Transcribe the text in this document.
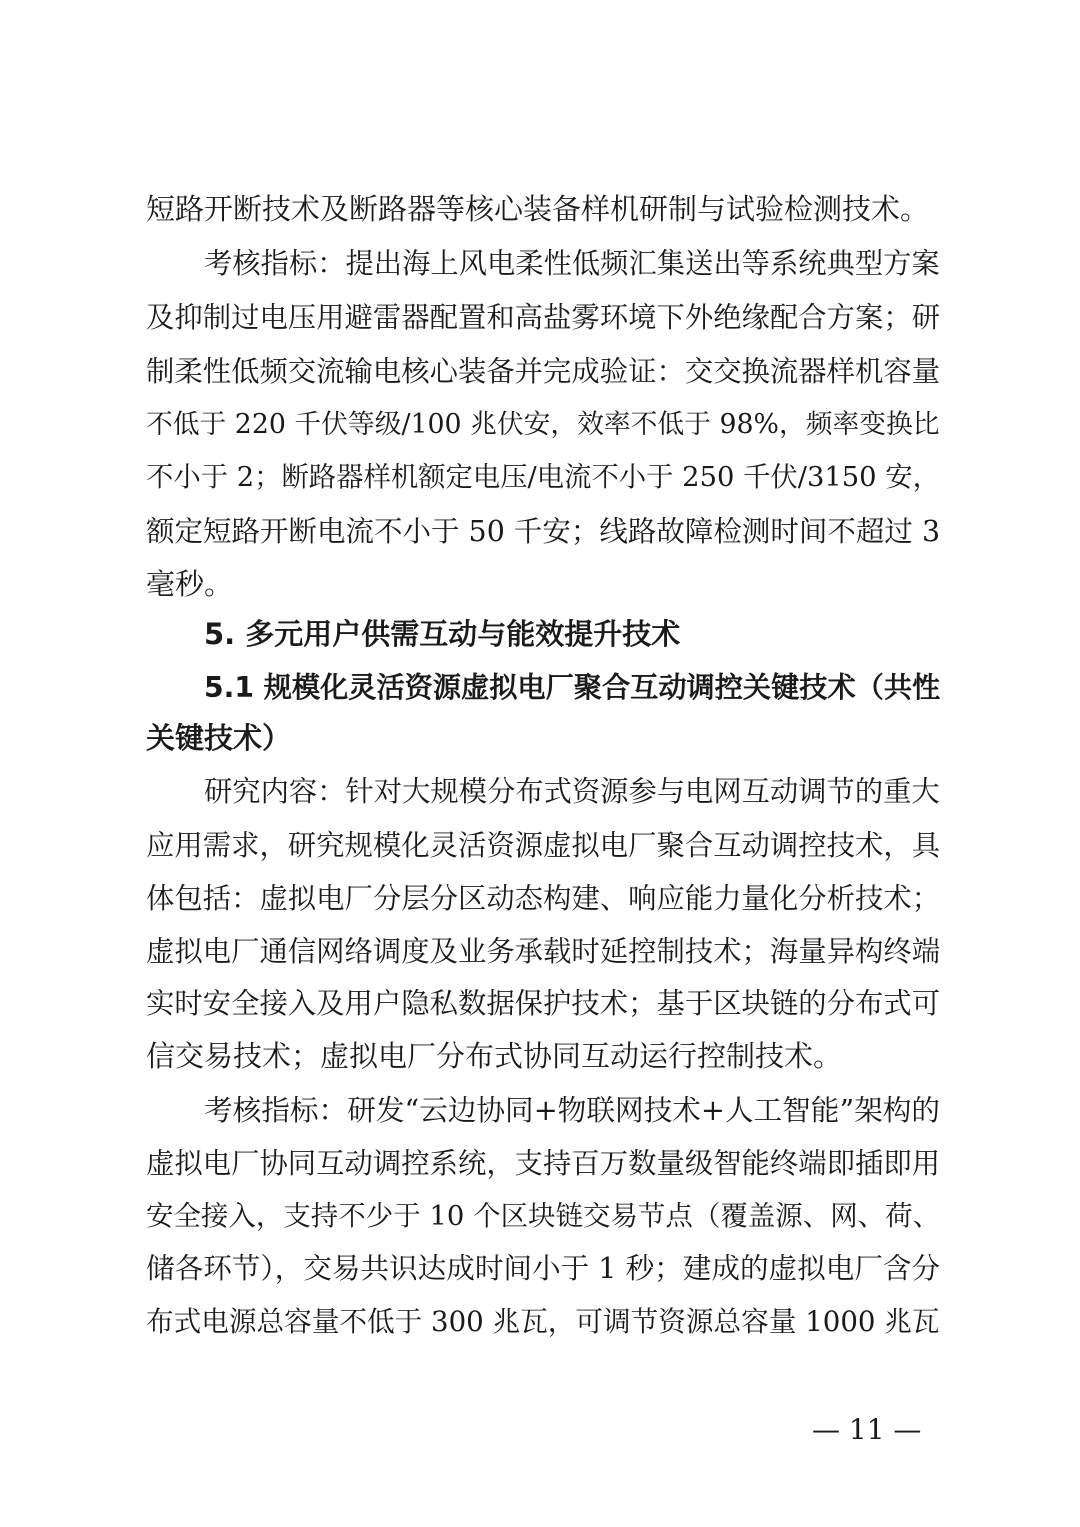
短路开断技术及断路器等核心装备样机研制与试验检测技术。
考核指标：提出海上风电柔性低频汇集送出等系统典型方案
及抑制过电压用避雷器配置和高盐雾环境下外绝缘配合方案；研
制柔性低频交流输电核心装备并完成验证：交交换流器样机容量
不低于 220 千伏等级/100 兆伏安，效率不低于 98%，频率变换比
不小于 2；断路器样机额定电压/电流不小于 250 千伏/3150 安，
额定短路开断电流不小于 50 千安；线路故障检测时间不超过 3
毫秒。
5. 多元用户供需互动与能效提升技术
5.1 规模化灵活资源虚拟电厂聚合互动调控关键技术（共性
关键技术）
研究内容：针对大规模分布式资源参与电网互动调节的重大
应用需求，研究规模化灵活资源虚拟电厂聚合互动调控技术，具
体包括：虚拟电厂分层分区动态构建、响应能力量化分析技术；
虚拟电厂通信网络调度及业务承载时延控制技术；海量异构终端
实时安全接入及用户隐私数据保护技术；基于区块链的分布式可
信交易技术；虚拟电厂分布式协同互动运行控制技术。
考核指标：研发“云边协同+物联网技术+人工智能”架构的
虚拟电厂协同互动调控系统，支持百万数量级智能终端即插即用
安全接入，支持不少于 10 个区块链交易节点（覆盖源、网、荷、
储各环节），交易共识达成时间小于 1 秒；建成的虚拟电厂含分
布式电源总容量不低于 300 兆瓦，可调节资源总容量 1000 兆瓦
— 11 —
